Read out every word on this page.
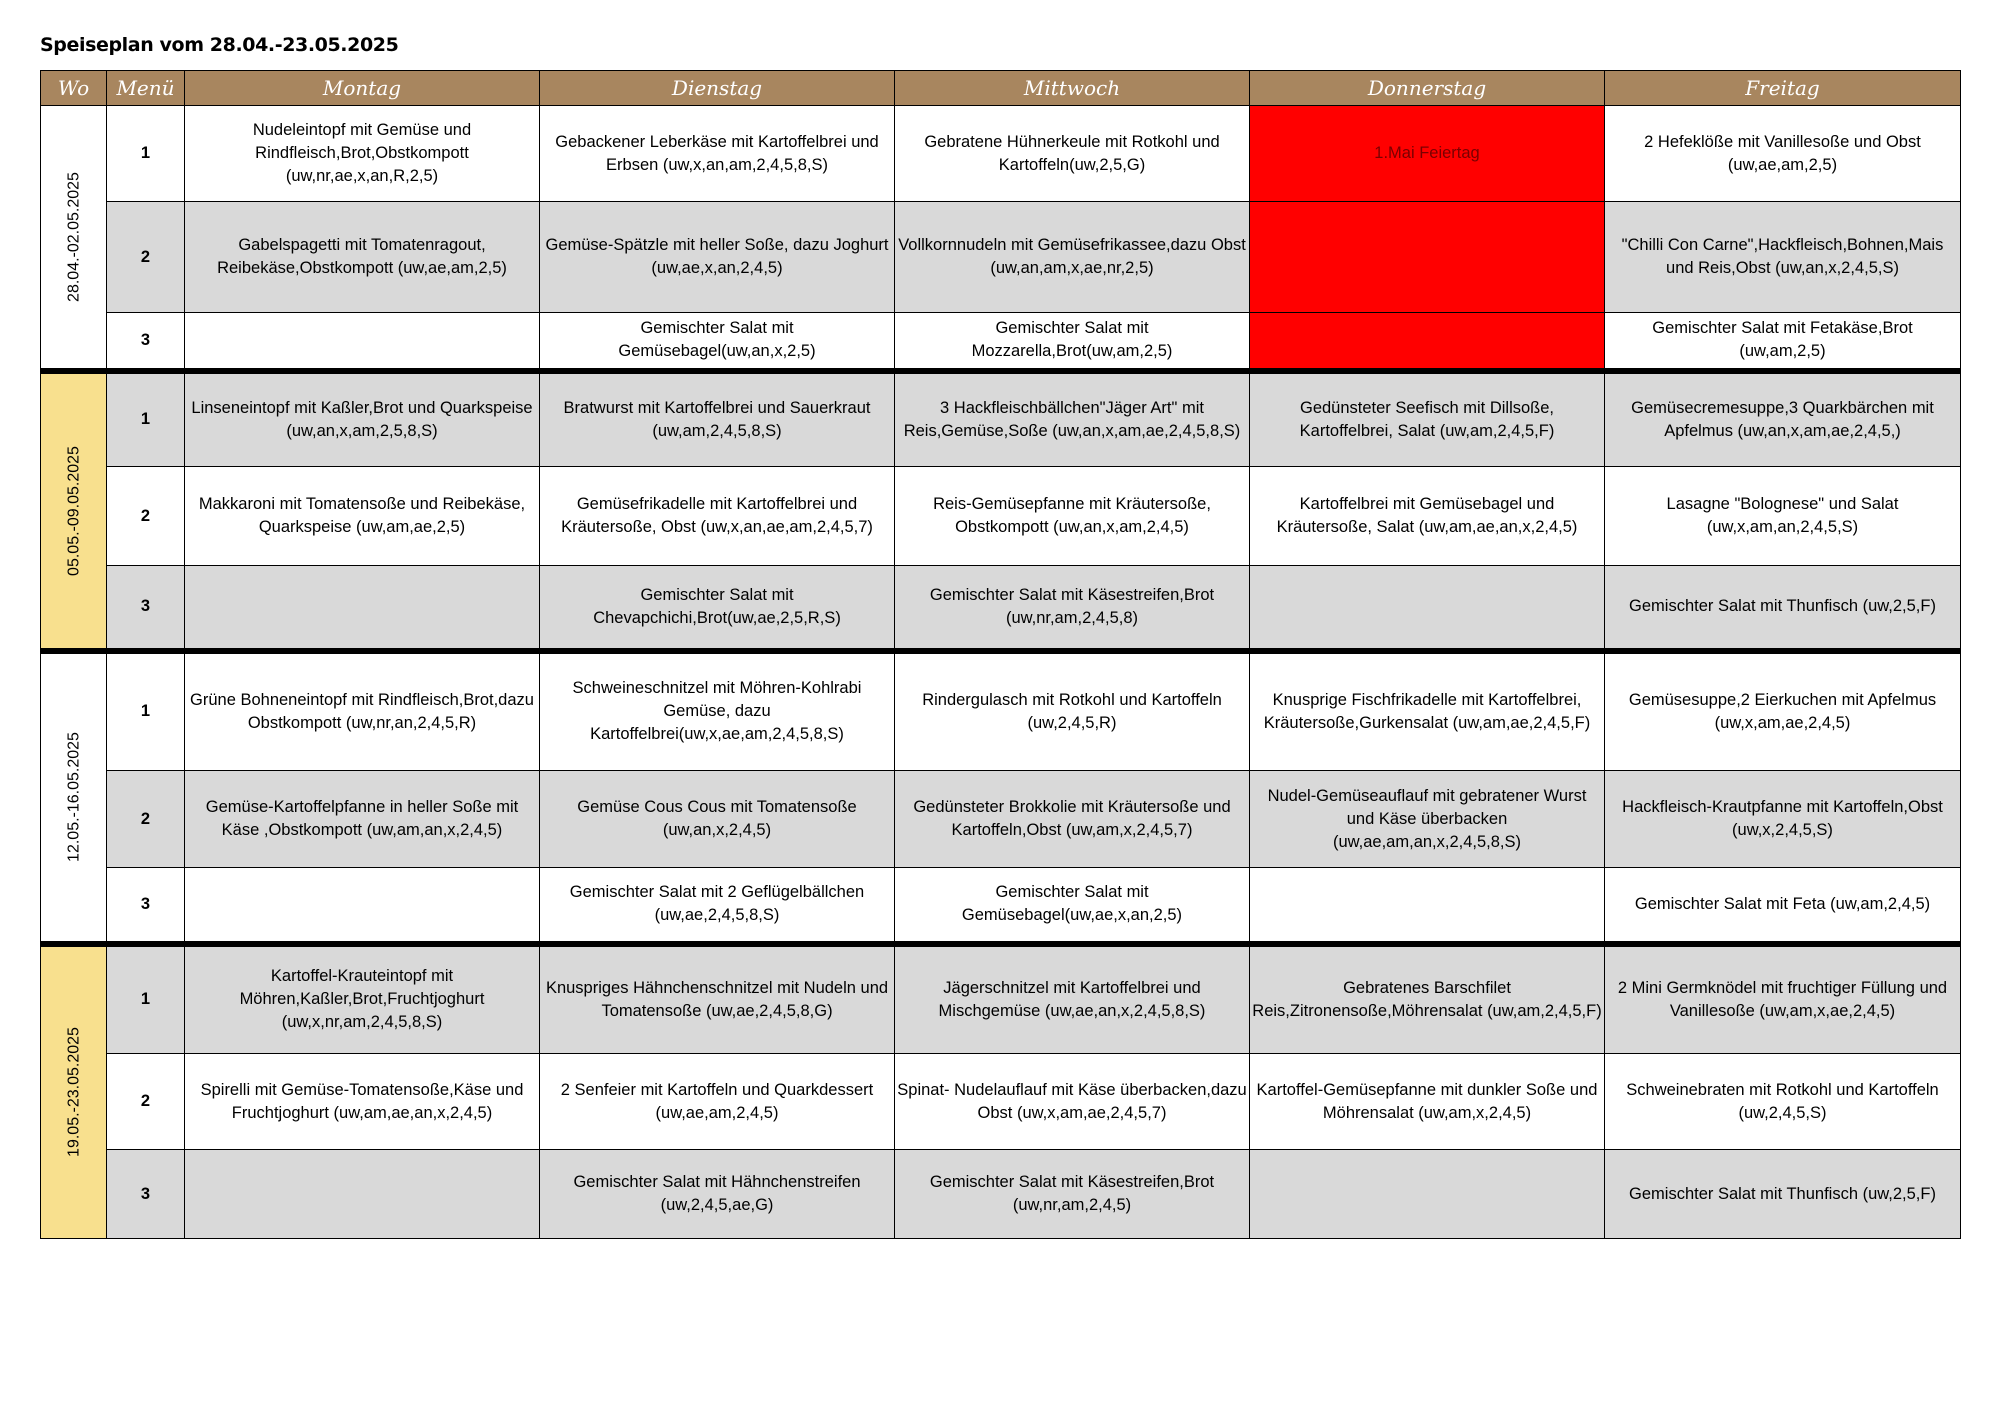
Speiseplan vom 28.04.-23.05.2025
Wo	Menü	Montag	Dienstag	Mittwoch	Donnerstag	Freitag

28.04.-02.05.2025	1	Nudeleintopf mit Gemüse und Rindfleisch,Brot,Obstkompott (uw,nr,ae,x,an,R,2,5)	Gebackener Leberkäse mit Kartoffelbrei und Erbsen (uw,x,an,am,2,4,5,8,S)	Gebratene Hühnerkeule mit Rotkohl und Kartoffeln(uw,2,5,G)	1.Mai Feiertag	2 Hefeklöße mit Vanillesoße und Obst (uw,ae,am,2,5)
	2	Gabelspagetti mit Tomatenragout, Reibekäse,Obstkompott (uw,ae,am,2,5)	Gemüse-Spätzle mit heller Soße, dazu Joghurt (uw,ae,x,an,2,4,5)	Vollkornnudeln mit Gemüsefrikassee,dazu Obst (uw,an,am,x,ae,nr,2,5)		"Chilli Con Carne",Hackfleisch,Bohnen,Mais und Reis,Obst (uw,an,x,2,4,5,S)
	3		Gemischter Salat mit Gemüsebagel(uw,an,x,2,5)	Gemischter Salat mit Mozzarella,Brot(uw,am,2,5)		Gemischter Salat mit Fetakäse,Brot (uw,am,2,5)

05.05.-09.05.2025	1	Linseneintopf mit Kaßler,Brot und Quarkspeise (uw,an,x,am,2,5,8,S)	Bratwurst mit Kartoffelbrei und Sauerkraut (uw,am,2,4,5,8,S)	3 Hackfleischbällchen"Jäger Art" mit Reis,Gemüse,Soße (uw,an,x,am,ae,2,4,5,8,S)	Gedünsteter Seefisch mit Dillsoße, Kartoffelbrei, Salat (uw,am,2,4,5,F)	Gemüsecremesuppe,3 Quarkbärchen mit Apfelmus (uw,an,x,am,ae,2,4,5,)
	2	Makkaroni mit Tomatensoße und Reibekäse, Quarkspeise (uw,am,ae,2,5)	Gemüsefrikadelle mit Kartoffelbrei und Kräutersoße, Obst (uw,x,an,ae,am,2,4,5,7)	Reis-Gemüsepfanne mit Kräutersoße, Obstkompott (uw,an,x,am,2,4,5)	Kartoffelbrei mit Gemüsebagel und Kräutersoße, Salat (uw,am,ae,an,x,2,4,5)	Lasagne "Bolognese" und Salat (uw,x,am,an,2,4,5,S)
	3		Gemischter Salat mit Chevapchichi,Brot(uw,ae,2,5,R,S)	Gemischter Salat mit Käsestreifen,Brot (uw,nr,am,2,4,5,8)		Gemischter Salat mit Thunfisch (uw,2,5,F)

12.05.-16.05.2025	1	Grüne Bohneneintopf mit Rindfleisch,Brot,dazu Obstkompott (uw,nr,an,2,4,5,R)	Schweineschnitzel mit Möhren-Kohlrabi Gemüse, dazu Kartoffelbrei(uw,x,ae,am,2,4,5,8,S)	Rindergulasch mit Rotkohl und Kartoffeln (uw,2,4,5,R)	Knusprige Fischfrikadelle mit Kartoffelbrei, Kräutersoße,Gurkensalat (uw,am,ae,2,4,5,F)	Gemüsesuppe,2 Eierkuchen mit Apfelmus (uw,x,am,ae,2,4,5)
	2	Gemüse-Kartoffelpfanne in heller Soße mit Käse ,Obstkompott (uw,am,an,x,2,4,5)	Gemüse Cous Cous mit Tomatensoße (uw,an,x,2,4,5)	Gedünsteter Brokkolie mit Kräutersoße und Kartoffeln,Obst (uw,am,x,2,4,5,7)	Nudel-Gemüseauflauf mit gebratener Wurst und Käse überbacken (uw,ae,am,an,x,2,4,5,8,S)	Hackfleisch-Krautpfanne mit Kartoffeln,Obst (uw,x,2,4,5,S)
	3		Gemischter Salat mit 2 Geflügelbällchen (uw,ae,2,4,5,8,S)	Gemischter Salat mit Gemüsebagel(uw,ae,x,an,2,5)		Gemischter Salat mit Feta (uw,am,2,4,5)

19.05.-23.05.2025	1	Kartoffel-Krauteintopf mit Möhren,Kaßler,Brot,Fruchtjoghurt (uw,x,nr,am,2,4,5,8,S)	Knuspriges Hähnchenschnitzel mit Nudeln und Tomatensoße (uw,ae,2,4,5,8,G)	Jägerschnitzel mit Kartoffelbrei und Mischgemüse (uw,ae,an,x,2,4,5,8,S)	Gebratenes Barschfilet Reis,Zitronensoße,Möhrensalat (uw,am,2,4,5,F)	2 Mini Germknödel mit fruchtiger Füllung und Vanillesoße (uw,am,x,ae,2,4,5)
	2	Spirelli mit Gemüse-Tomatensoße,Käse und Fruchtjoghurt (uw,am,ae,an,x,2,4,5)	2 Senfeier mit Kartoffeln und Quarkdessert (uw,ae,am,2,4,5)	Spinat- Nudelauflauf mit Käse überbacken,dazu Obst (uw,x,am,ae,2,4,5,7)	Kartoffel-Gemüsepfanne mit dunkler Soße und Möhrensalat (uw,am,x,2,4,5)	Schweinebraten mit Rotkohl und Kartoffeln (uw,2,4,5,S)
	3		Gemischter Salat mit Hähnchenstreifen (uw,2,4,5,ae,G)	Gemischter Salat mit Käsestreifen,Brot (uw,nr,am,2,4,5)		Gemischter Salat mit Thunfisch (uw,2,5,F)
